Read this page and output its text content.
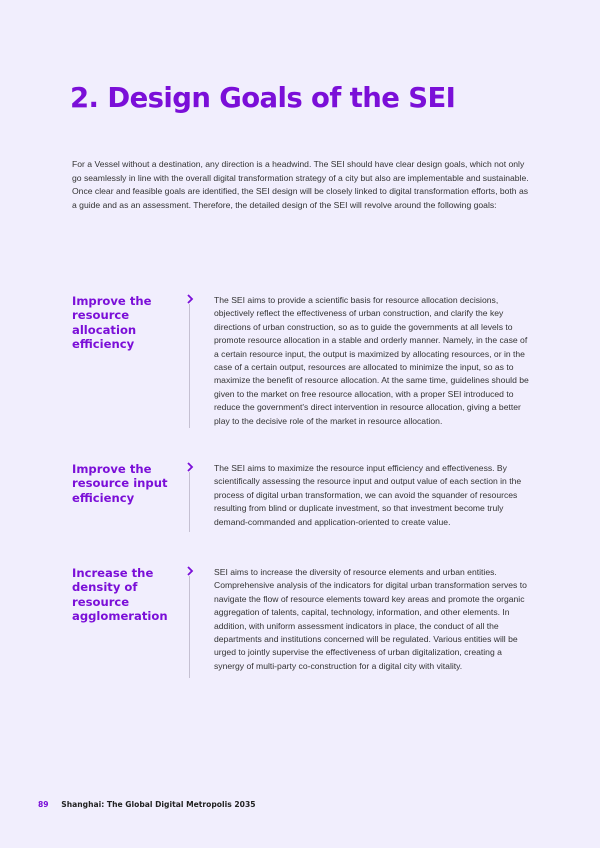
2. Design Goals of the SEI

For a Vessel without a destination, any direction is a headwind. The SEI should have clear design goals, which not only go seamlessly in line with the overall digital transformation strategy of a city but also are implementable and sustainable. Once clear and feasible goals are identified, the SEI design will be closely linked to digital transformation efforts, both as a guide and as an assessment. Therefore, the detailed design of the SEI will revolve around the following goals:

Improve the resource allocation efficiency

The SEI aims to provide a scientific basis for resource allocation decisions, objectively reflect the effectiveness of urban construction, and clarify the key directions of urban construction, so as to guide the governments at all levels to promote resource allocation in a stable and orderly manner. Namely, in the case of a certain resource input, the output is maximized by allocating resources, or in the case of a certain output, resources are allocated to minimize the input, so as to maximize the benefit of resource allocation. At the same time, guidelines should be given to the market on free resource allocation, with a proper SEI introduced to reduce the government's direct intervention in resource allocation, giving a better play to the decisive role of the market in resource allocation.

Improve the resource input efficiency

The SEI aims to maximize the resource input efficiency and effectiveness. By scientifically assessing the resource input and output value of each section in the process of digital urban transformation, we can avoid the squander of resources resulting from blind or duplicate investment, so that investment become truly demand-commanded and application-oriented to create value.

Increase the density of resource agglomeration

SEI aims to increase the diversity of resource elements and urban entities. Comprehensive analysis of the indicators for digital urban transformation serves to navigate the flow of resource elements toward key areas and promote the organic aggregation of talents, capital, technology, information, and other elements. In addition, with uniform assessment indicators in place, the conduct of all the departments and institutions concerned will be regulated. Various entities will be urged to jointly supervise the effectiveness of urban digitalization, creating a synergy of multi-party co-construction for a digital city with vitality.

89 Shanghai: The Global Digital Metropolis 2035
